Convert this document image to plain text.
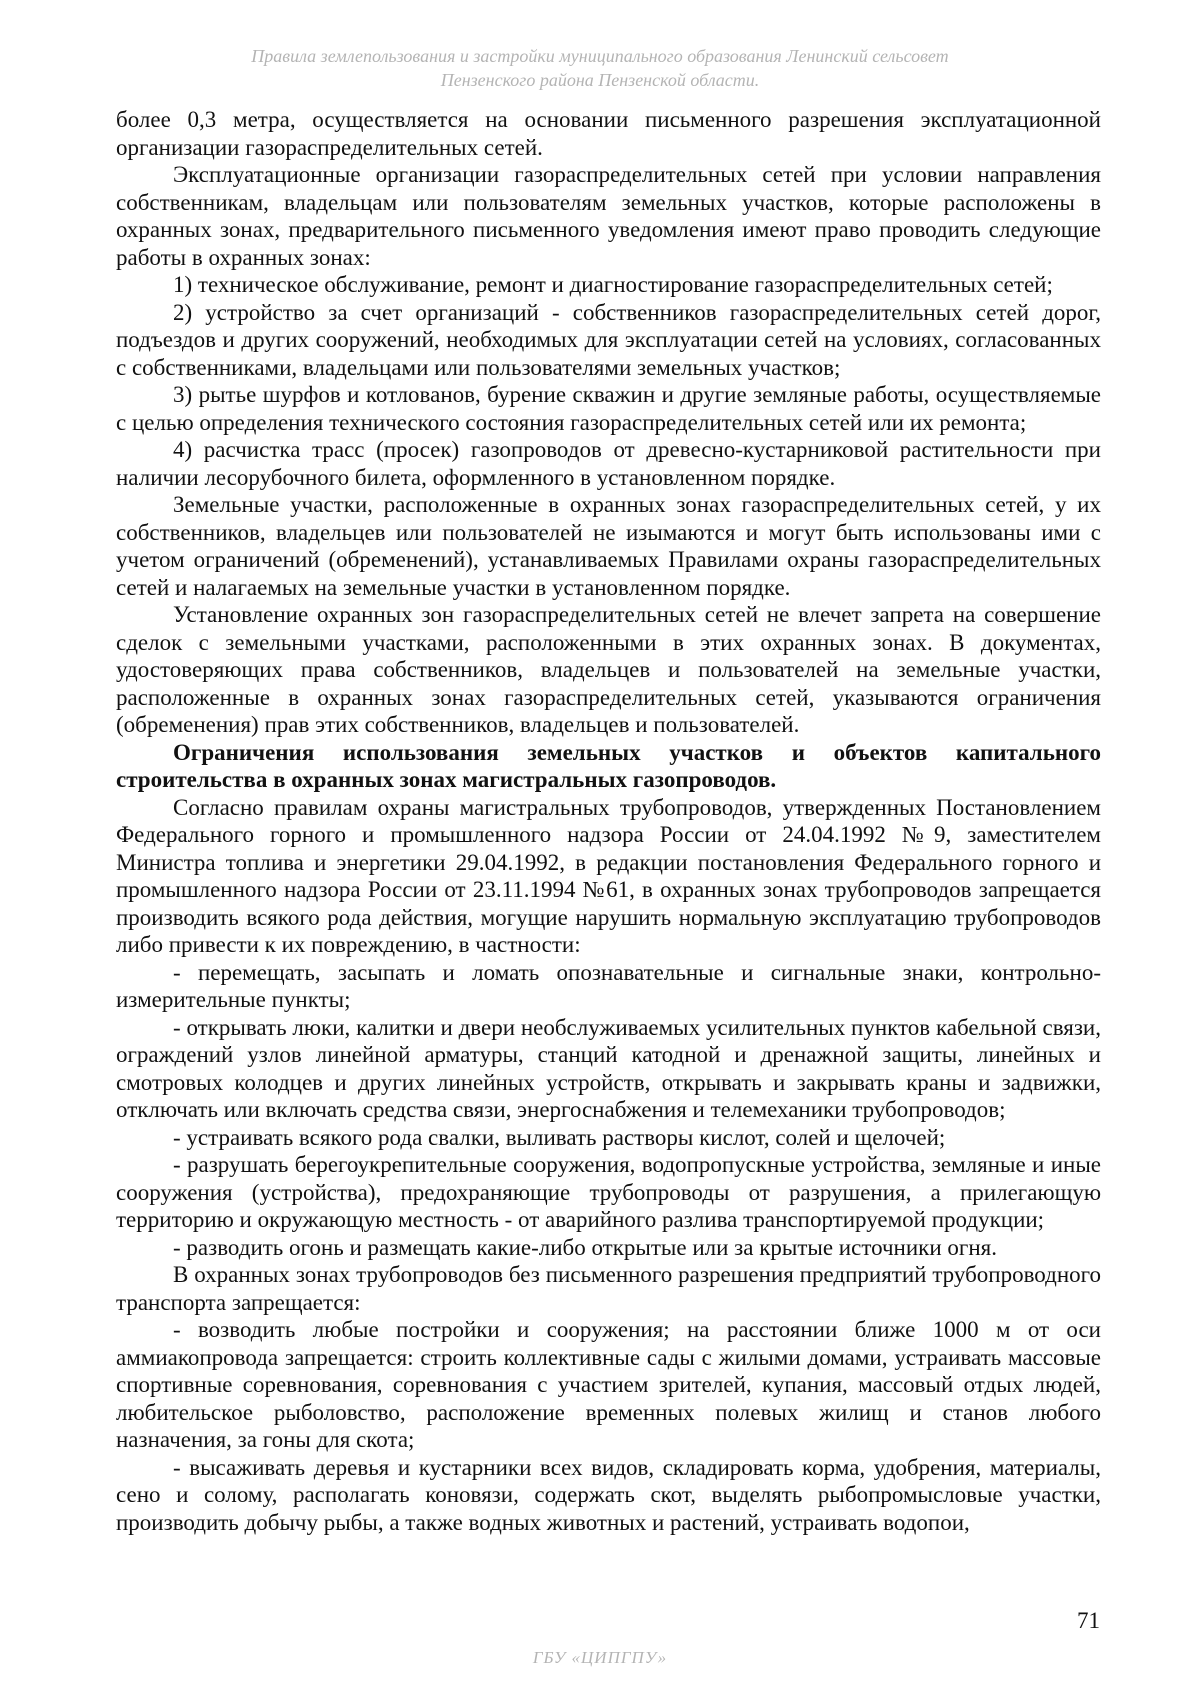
Правила землепользования и застройки муниципального образования Ленинский сельсовет
Пензенского района Пензенской области.

более 0,3 метра, осуществляется на основании письменного разрешения эксплуатационной организации газораспределительных сетей.

Эксплуатационные организации газораспределительных сетей при условии направления собственникам, владельцам или пользователям земельных участков, которые расположены в охранных зонах, предварительного письменного уведомления имеют право проводить следующие работы в охранных зонах:

1) техническое обслуживание, ремонт и диагностирование газораспределительных сетей;

2) устройство за счет организаций - собственников газораспределительных сетей дорог, подъездов и других сооружений, необходимых для эксплуатации сетей на условиях, согласованных с собственниками, владельцами или пользователями земельных участков;

3) рытье шурфов и котлованов, бурение скважин и другие земляные работы, осуществляемые с целью определения технического состояния газораспределительных сетей или их ремонта;

4) расчистка трасс (просек) газопроводов от древесно-кустарниковой растительности при наличии лесорубочного билета, оформленного в установленном порядке.

Земельные участки, расположенные в охранных зонах газораспределительных сетей, у их собственников, владельцев или пользователей не изымаются и могут быть использованы ими с учетом ограничений (обременений), устанавливаемых Правилами охраны газораспределительных сетей и налагаемых на земельные участки в установленном порядке.

Установление охранных зон газораспределительных сетей не влечет запрета на совершение сделок с земельными участками, расположенными в этих охранных зонах. В документах, удостоверяющих права собственников, владельцев и пользователей на земельные участки, расположенные в охранных зонах газораспределительных сетей, указываются ограничения (обременения) прав этих собственников, владельцев и пользователей.

Ограничения использования земельных участков и объектов капитального строительства в охранных зонах магистральных газопроводов.

Согласно правилам охраны магистральных трубопроводов, утвержденных Постановлением Федерального горного и промышленного надзора России от 24.04.1992 №9, заместителем Министра топлива и энергетики 29.04.1992, в редакции постановления Федерального горного и промышленного надзора России от 23.11.1994 №61, в охранных зонах трубопроводов запрещается производить всякого рода действия, могущие нарушить нормальную эксплуатацию трубопроводов либо привести к их повреждению, в частности:

- перемещать, засыпать и ломать опознавательные и сигнальные знаки, контрольно-измерительные пункты;

- открывать люки, калитки и двери необслуживаемых усилительных пунктов кабельной связи, ограждений узлов линейной арматуры, станций катодной и дренажной защиты, линейных и смотровых колодцев и других линейных устройств, открывать и закрывать краны и задвижки, отключать или включать средства связи, энергоснабжения и телемеханики трубопроводов;

- устраивать всякого рода свалки, выливать растворы кислот, солей и щелочей;

- разрушать берегоукрепительные сооружения, водопропускные устройства, земляные и иные сооружения (устройства), предохраняющие трубопроводы от разрушения, а прилегающую территорию и окружающую местность - от аварийного разлива транспортируемой продукции;

- разводить огонь и размещать какие-либо открытые или за крытые источники огня.

В охранных зонах трубопроводов без письменного разрешения предприятий трубопроводного транспорта запрещается:

- возводить любые постройки и сооружения; на расстоянии ближе 1000 м от оси аммиакопровода запрещается: строить коллективные сады с жилыми домами, устраивать массовые спортивные соревнования, соревнования с участием зрителей, купания, массовый отдых людей, любительское рыболовство, расположение временных полевых жилищ и станов любого назначения, за гоны для скота;

- высаживать деревья и кустарники всех видов, складировать корма, удобрения, материалы, сено и солому, располагать коновязи, содержать скот, выделять рыбопромысловые участки, производить добычу рыбы, а также водных животных и растений, устраивать водопои,

71
ГБУ «ЦИПГПУ»
